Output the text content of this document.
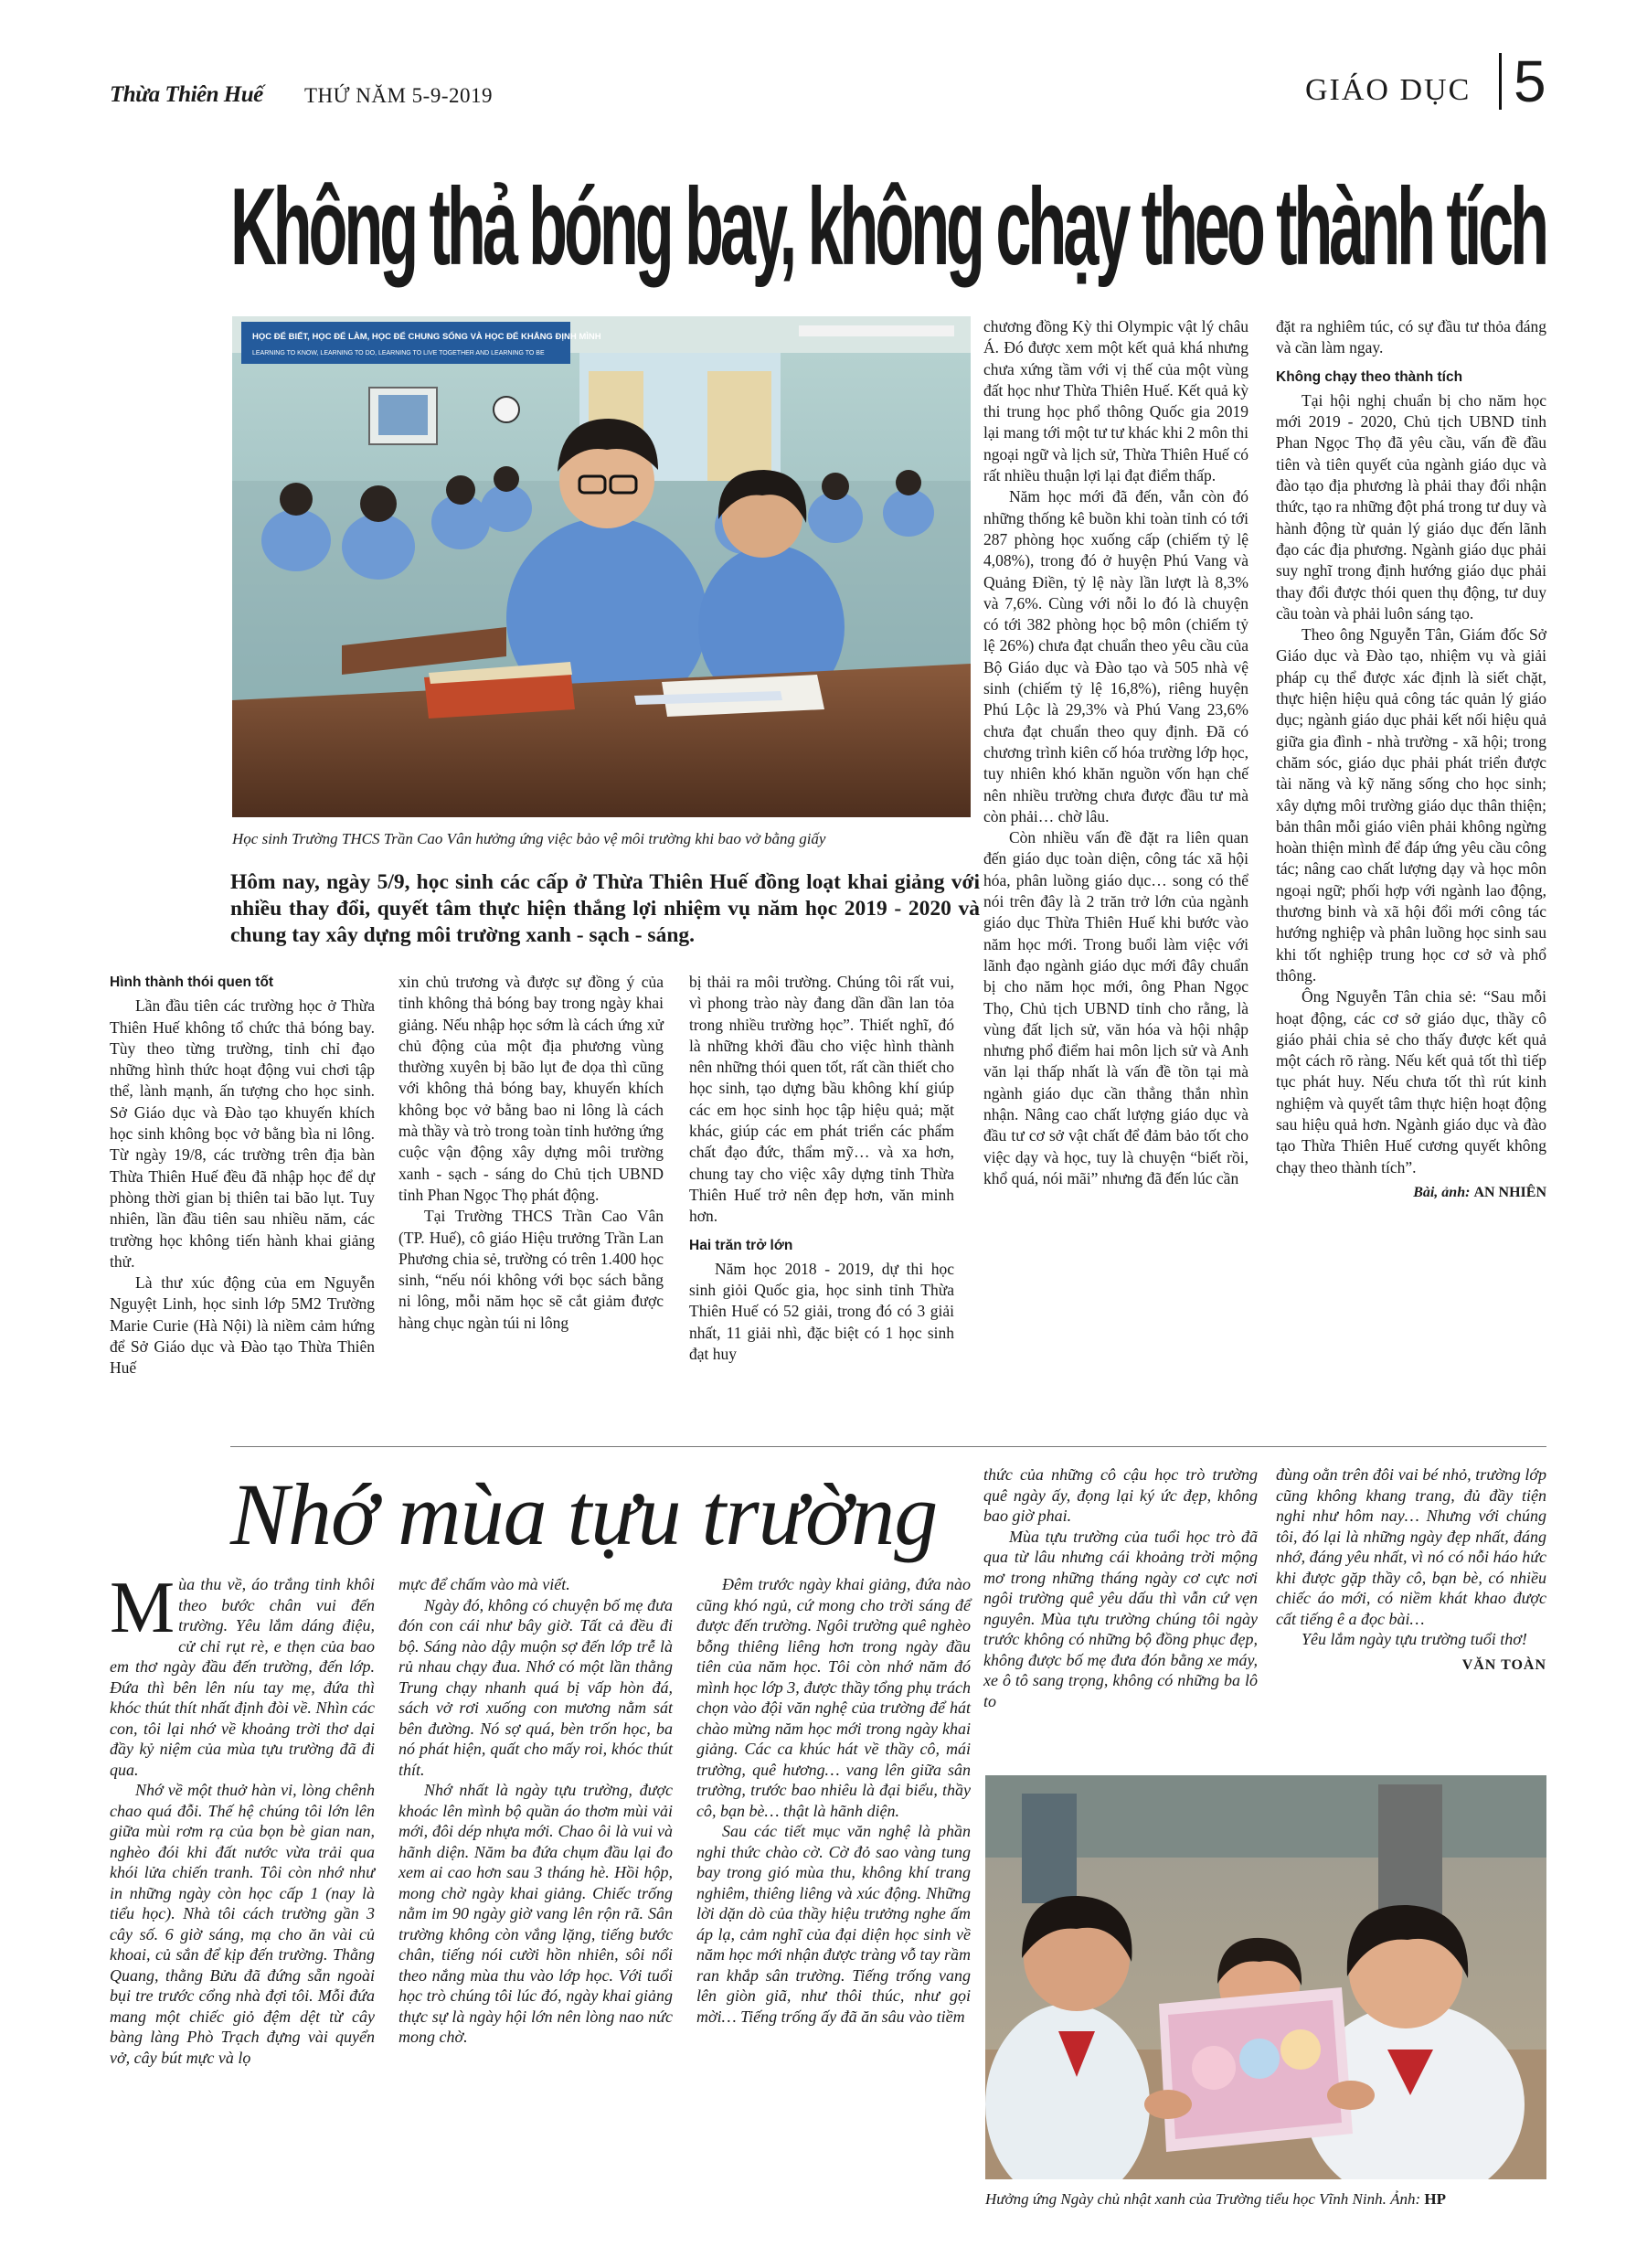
Thừa Thiên Huế THỨ NĂM 5-9-2019	GIÁO DỤC 5
Không thả bóng bay, không chạy theo thành tích
HỌC ĐỂ BIẾT, HỌC ĐỂ LÀM, HỌC ĐỂ CHUNG SỐNG VÀ HỌC ĐỂ KHẲNG ĐỊNH MÌNH
LEARNING TO KNOW, LEARNING TO DO, LEARNING TO LIVE TOGETHER AND LEARNING TO BE
Học sinh Trường THCS Trần Cao Vân hưởng ứng việc bảo vệ môi trường khi bao vở bằng giấy
Hôm nay, ngày 5/9, học sinh các cấp ở Thừa Thiên Huế đồng loạt khai giảng với nhiều thay đổi, quyết tâm thực hiện thắng lợi nhiệm vụ năm học 2019 - 2020 và chung tay xây dựng môi trường xanh - sạch - sáng.

Hình thành thói quen tốt

Lần đầu tiên các trường học ở Thừa Thiên Huế không tổ chức thả bóng bay. Tùy theo từng trường, tỉnh chỉ đạo những hình thức hoạt động vui chơi tập thể, lành mạnh, ấn tượng cho học sinh. Sở Giáo dục và Đào tạo khuyến khích học sinh không bọc vở bằng bìa ni lông. Từ ngày 19/8, các trường trên địa bàn Thừa Thiên Huế đều đã nhập học để dự phòng thời gian bị thiên tai bão lụt. Tuy nhiên, lần đầu tiên sau nhiều năm, các trường học không tiến hành khai giảng thử.

Là thư xúc động của em Nguyễn Nguyệt Linh, học sinh lớp 5M2 Trường Marie Curie (Hà Nội) là niềm cảm hứng để Sở Giáo dục và Đào tạo Thừa Thiên Huế

xin chủ trương và được sự đồng ý của tỉnh không thả bóng bay trong ngày khai giảng. Nếu nhập học sớm là cách ứng xử chủ động của một địa phương vùng thường xuyên bị bão lụt đe dọa thì cũng với không thả bóng bay, khuyến khích không bọc vở bằng bao ni lông là cách mà thầy và trò trong toàn tỉnh hưởng ứng cuộc vận động xây dựng môi trường xanh - sạch - sáng do Chủ tịch UBND tỉnh Phan Ngọc Thọ phát động.

Tại Trường THCS Trần Cao Vân (TP. Huế), cô giáo Hiệu trưởng Trần Lan Phương chia sẻ, trường có trên 1.400 học sinh, “nếu nói không với bọc sách bằng ni lông, mỗi năm học sẽ cắt giảm được hàng chục ngàn túi ni lông

bị thải ra môi trường. Chúng tôi rất vui, vì phong trào này đang dần dần lan tỏa trong nhiều trường học”. Thiết nghĩ, đó là những khởi đầu cho việc hình thành nên những thói quen tốt, rất cần thiết cho học sinh, tạo dựng bầu không khí giúp các em học sinh học tập hiệu quả; mặt khác, giúp các em phát triển các phẩm chất đạo đức, thẩm mỹ… và xa hơn, chung tay cho việc xây dựng tỉnh Thừa Thiên Huế trở nên đẹp hơn, văn minh hơn.

Hai trăn trở lớn

Năm học 2018 - 2019, dự thi học sinh giỏi Quốc gia, học sinh tỉnh Thừa Thiên Huế có 52 giải, trong đó có 3 giải nhất, 11 giải nhì, đặc biệt có 1 học sinh đạt huy

chương đồng Kỳ thi Olympic vật lý châu Á. Đó được xem một kết quả khá nhưng chưa xứng tầm với vị thế của một vùng đất học như Thừa Thiên Huế. Kết quả kỳ thi trung học phổ thông Quốc gia 2019 lại mang tới một tư tư khác khi 2 môn thi ngoại ngữ và lịch sử, Thừa Thiên Huế có rất nhiều thuận lợi lại đạt điểm thấp.

Năm học mới đã đến, vẫn còn đó những thống kê buồn khi toàn tỉnh có tới 287 phòng học xuống cấp (chiếm tỷ lệ 4,08%), trong đó ở huyện Phú Vang và Quảng Điền, tỷ lệ này lần lượt là 8,3% và 7,6%. Cùng với nỗi lo đó là chuyện có tới 382 phòng học bộ môn (chiếm tỷ lệ 26%) chưa đạt chuẩn theo yêu cầu của Bộ Giáo dục và Đào tạo và 505 nhà vệ sinh (chiếm tỷ lệ 16,8%), riêng huyện Phú Lộc là 29,3% và Phú Vang 23,6% chưa đạt chuẩn theo quy định. Đã có chương trình kiên cố hóa trường lớp học, tuy nhiên khó khăn nguồn vốn hạn chế nên nhiều trường chưa được đầu tư mà còn phải… chờ lâu.

Còn nhiều vấn đề đặt ra liên quan đến giáo dục toàn diện, công tác xã hội hóa, phân luồng giáo dục… song có thể nói trên đây là 2 trăn trở lớn của ngành giáo dục Thừa Thiên Huế khi bước vào năm học mới. Trong buổi làm việc với lãnh đạo ngành giáo dục mới đây chuẩn bị cho năm học mới, ông Phan Ngọc Thọ, Chủ tịch UBND tỉnh cho rằng, là vùng đất lịch sử, văn hóa và hội nhập nhưng phổ điểm hai môn lịch sử và Anh văn lại thấp nhất là vấn đề tồn tại mà ngành giáo dục cần thẳng thắn nhìn nhận. Nâng cao chất lượng giáo dục và đầu tư cơ sở vật chất để đảm bảo tốt cho việc dạy và học, tuy là chuyện “biết rồi, khổ quá, nói mãi” nhưng đã đến lúc cần

đặt ra nghiêm túc, có sự đầu tư thỏa đáng và cần làm ngay.

Không chạy theo thành tích

Tại hội nghị chuẩn bị cho năm học mới 2019 - 2020, Chủ tịch UBND tỉnh Phan Ngọc Thọ đã yêu cầu, vấn đề đầu tiên và tiên quyết của ngành giáo dục và đào tạo địa phương là phải thay đổi nhận thức, tạo ra những đột phá trong tư duy và hành động từ quản lý giáo dục đến lãnh đạo các địa phương. Ngành giáo dục phải suy nghĩ trong định hướng giáo dục phải thay đổi được thói quen thụ động, tư duy cầu toàn và phải luôn sáng tạo.

Theo ông Nguyễn Tân, Giám đốc Sở Giáo dục và Đào tạo, nhiệm vụ và giải pháp cụ thể được xác định là siết chặt, thực hiện hiệu quả công tác quản lý giáo dục; ngành giáo dục phải kết nối hiệu quả giữa gia đình - nhà trường - xã hội; trong chăm sóc, giáo dục phải phát triển được tài năng và kỹ năng sống cho học sinh; xây dựng môi trường giáo dục thân thiện; bản thân mỗi giáo viên phải không ngừng hoàn thiện mình để đáp ứng yêu cầu công tác; nâng cao chất lượng dạy và học môn ngoại ngữ; phối hợp với ngành lao động, thương binh và xã hội đổi mới công tác hướng nghiệp và phân luồng học sinh sau khi tốt nghiệp trung học cơ sở và phổ thông.

Ông Nguyễn Tân chia sẻ: “Sau mỗi hoạt động, các cơ sở giáo dục, thầy cô giáo phải chia sẻ cho thấy được kết quả một cách rõ ràng. Nếu kết quả tốt thì tiếp tục phát huy. Nếu chưa tốt thì rút kinh nghiệm và quyết tâm thực hiện hoạt động sau hiệu quả hơn. Ngành giáo dục và đào tạo Thừa Thiên Huế cương quyết không chạy theo thành tích”.

Bài, ảnh: AN NHIÊN

Nhớ mùa tựu trường

Mùa thu về, áo trắng tinh khôi theo bước chân vui đến trường. Yêu lắm dáng điệu, cử chỉ rụt rè, e thẹn của bao em thơ ngày đầu đến trường, đến lớp. Đứa thì bên lên níu tay mẹ, đứa thì khóc thút thít nhất định đòi về. Nhìn các con, tôi lại nhớ về khoảng trời thơ dại đầy kỷ niệm của mùa tựu trường đã đi qua.

Nhớ về một thuở hàn vi, lòng chênh chao quá đỗi. Thế hệ chúng tôi lớn lên giữa mùi rơm rạ của bọn bè gian nan, nghèo đói khi đất nước vừa trải qua khói lửa chiến tranh. Tôi còn nhớ như in những ngày còn học cấp 1 (nay là tiểu học). Nhà tôi cách trường gần 3 cây số. 6 giờ sáng, mạ cho ăn vài củ khoai, củ sắn để kịp đến trường. Thằng Quang, thằng Bửu đã đứng sẵn ngoài bụi tre trước cổng nhà đợi tôi. Mỗi đứa mang một chiếc giỏ đệm dệt từ cây bàng làng Phò Trạch đựng vài quyển vở, cây bút mực và lọ

mực để chấm vào mà viết.

Ngày đó, không có chuyện bố mẹ đưa đón con cái như bây giờ. Tất cả đều đi bộ. Sáng nào dậy muộn sợ đến lớp trễ là rủ nhau chạy đua. Nhớ có một lần thằng Trung chạy nhanh quá bị vấp hòn đá, sách vở rơi xuống con mương nằm sát bên đường. Nó sợ quá, bèn trốn học, ba nó phát hiện, quất cho mấy roi, khóc thút thít.

Nhớ nhất là ngày tựu trường, được khoác lên mình bộ quần áo thơm mùi vải mới, đôi dép nhựa mới. Chao ôi là vui và hãnh diện. Năm ba đứa chụm đầu lại đo xem ai cao hơn sau 3 tháng hè. Hồi hộp, mong chờ ngày khai giảng. Chiếc trống nằm im 90 ngày giờ vang lên rộn rã. Sân trường không còn vắng lặng, tiếng bước chân, tiếng nói cười hồn nhiên, sôi nổi theo nắng mùa thu vào lớp học. Với tuổi học trò chúng tôi lúc đó, ngày khai giảng thực sự là ngày hội lớn nên lòng nao nức mong chờ.

Đêm trước ngày khai giảng, đứa nào cũng khó ngủ, cứ mong cho trời sáng để được đến trường. Ngôi trường quê nghèo bỗng thiêng liêng hơn trong ngày đầu tiên của năm học. Tôi còn nhớ năm đó mình học lớp 3, được thầy tổng phụ trách chọn vào đội văn nghệ của trường để hát chào mừng năm học mới trong ngày khai giảng. Các ca khúc hát về thầy cô, mái trường, quê hương… vang lên giữa sân trường, trước bao nhiêu là đại biểu, thầy cô, bạn bè… thật là hãnh diện.

Sau các tiết mục văn nghệ là phần nghi thức chào cờ. Cờ đỏ sao vàng tung bay trong gió mùa thu, không khí trang nghiêm, thiêng liêng và xúc động. Những lời dặn dò của thầy hiệu trưởng nghe ấm áp lạ, cảm nghĩ của đại diện học sinh về năm học mới nhận được tràng vỗ tay rầm ran khắp sân trường. Tiếng trống vang lên giòn giã, như thôi thúc, như gọi mời… Tiếng trống ấy đã ăn sâu vào tiềm

thức của những cô cậu học trò trường quê ngày ấy, đọng lại ký ức đẹp, không bao giờ phai.

Mùa tựu trường của tuổi học trò đã qua từ lâu nhưng cái khoảng trời mộng mơ trong những tháng ngày cơ cực nơi ngôi trường quê yêu dấu thì vẫn cứ vẹn nguyên. Mùa tựu trường chúng tôi ngày trước không có những bộ đồng phục đẹp, không được bố mẹ đưa đón bằng xe máy, xe ô tô sang trọng, không có những ba lô to

đùng oằn trên đôi vai bé nhỏ, trường lớp cũng không khang trang, đủ đầy tiện nghi như hôm nay… Nhưng với chúng tôi, đó lại là những ngày đẹp nhất, đáng nhớ, đáng yêu nhất, vì nó có nỗi háo hức khi được gặp thầy cô, bạn bè, có nhiều chiếc áo mới, có niềm khát khao được cất tiếng ê a đọc bài…

Yêu lắm ngày tựu trường tuổi thơ!

VĂN TOÀN

Hưởng ứng Ngày chủ nhật xanh của Trường tiểu học Vĩnh Ninh. Ảnh: HP
